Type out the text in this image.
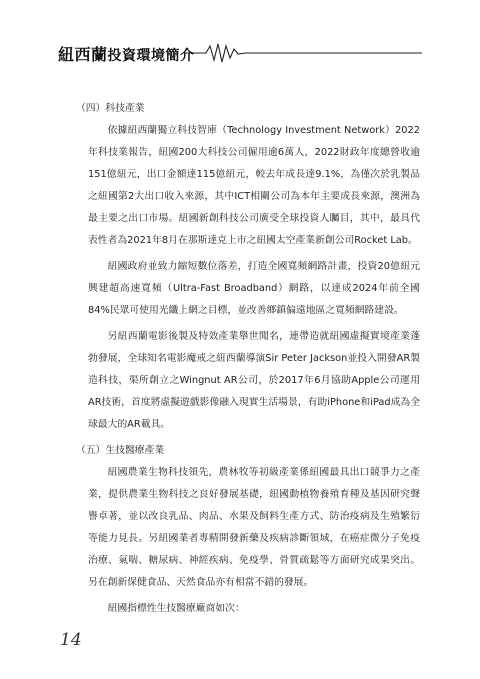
紐西蘭投資環境簡介
（四）科技產業

依據紐西蘭獨立科技智庫（Technology Investment Network）2022年科技業報告，紐國200大科技公司僱用逾6萬人，2022財政年度總營收逾151億紐元，出口金額達115億紐元，較去年成長達9.1%，為僅次於乳製品之紐國第2大出口收入來源，其中ICT相關公司為本年主要成長來源，澳洲為最主要之出口市場。紐國新創科技公司廣受全球投資人矚目，其中，最具代表性者為2021年8月在那斯達克上市之紐國太空產業新創公司Rocket Lab。

紐國政府並致力縮短數位落差，打造全國寬頻網路計畫，投資20億紐元興建超高速寬頻（Ultra-Fast Broadband）網路，以達成2024年前全國84%民眾可使用光纖上網之目標，並改善鄉鎮偏遠地區之寬頻網路建設。

另紐西蘭電影後製及特效產業舉世聞名，連帶造就紐國虛擬實境產業蓬勃發展，全球知名電影魔戒之紐西蘭導演Sir Peter Jackson並投入開發AR製造科技，渠所創立之Wingnut AR公司，於2017年6月協助Apple公司運用AR技術，首度將虛擬遊戲影像融入現實生活場景，有助iPhone和iPad成為全球最大的AR載具。

（五）生技醫療產業

紐國農業生物科技領先，農林牧等初級產業係紐國最具出口競爭力之產業，提供農業生物科技之良好發展基礎，紐國動植物養殖育種及基因研究聲譽卓著，並以改良乳品、肉品、水果及飼料生產方式、防治疫病及生殖繁衍等能力見長。另紐國業者專精開發新藥及疾病診斷領域，在癌症微分子免疫治療、氣喘、糖尿病、神經疾病、免疫學、骨質疏鬆等方面研究成果突出。另在創新保健食品、天然食品亦有相當不錯的發展。

紐國指標性生技醫療廠商如次：

14
